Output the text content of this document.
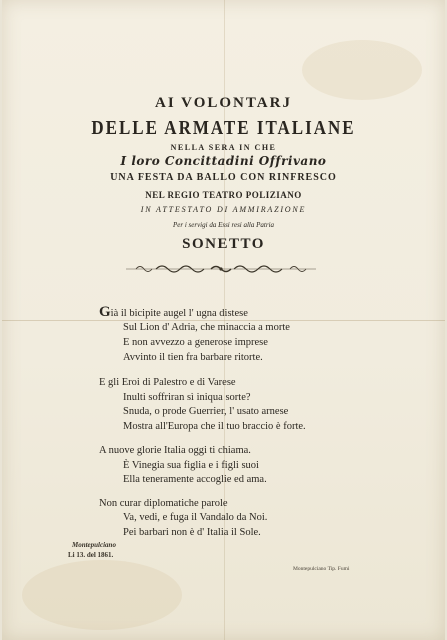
AI VOLONTARJ
DELLE ARMATE ITALIANE
NELLA SERA IN CHE
I loro Concittadini Offrivano
UNA FESTA DA BALLO CON RINFRESCO
NEL REGIO TEATRO POLIZIANO
IN ATTESTATO DI AMMIRAZIONE
Per i servigi da Essi resi alla Patria
SONETTO
Già il bicipite augel l' ugna distese
Sul Lion d' Adria, che minaccia a morte
E non avvezzo a generose imprese
Avvinto il tien fra barbare ritorte.
E gli Eroi di Palestro e di Varese
Inulti soffriran sì iniqua sorte?
Snuda, o prode Guerrier, l' usato arnese
Mostra all'Europa che il tuo braccio è forte.
A nuove glorie Italia oggi ti chiama.
È Vinegia sua figlia e i figli suoi
Ella teneramente accoglie ed ama.
Non curar diplomatiche parole
Va, vedi, e fuga il Vandalo da Noi.
Pei barbari non è d' Italia il Sole.
Montepulciano
Li 13. del 1861.
Montepulciano Tip. Fumi
